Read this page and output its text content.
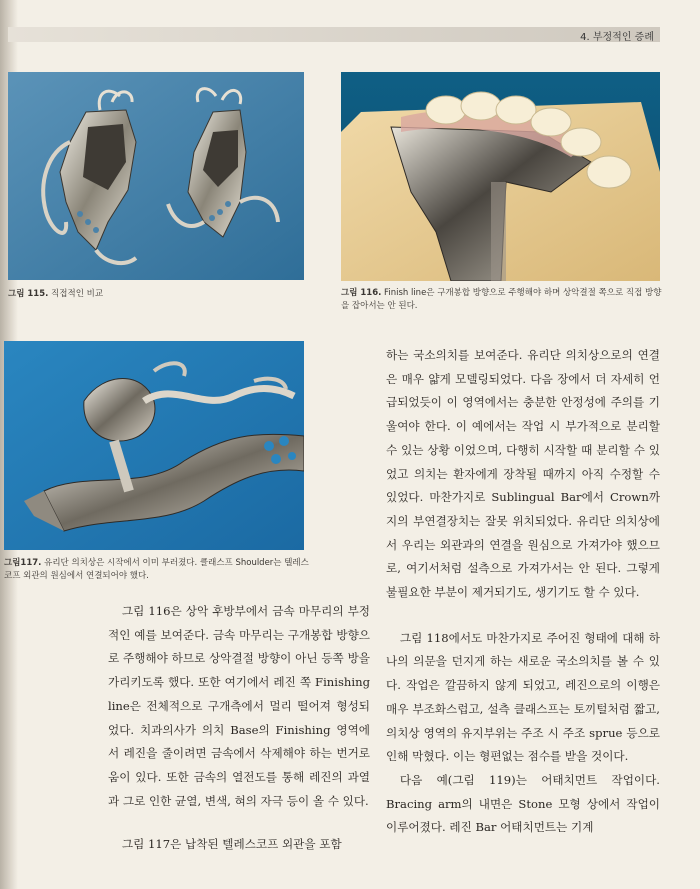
4. 부정적인 증례
그림 115. 직접적인 비교	그림 116. Finish line은 구개봉합 방향으로 주행해야 하며 상악결절 쪽으로 직접 방향을 잡아서는 안 된다.
그림117. 유리단 의치상은 시작에서 이미 부러졌다. 클래스프 Shoulder는 텔레스코프 외관의 원심에서 연결되어야 했다.

하는 국소의치를 보여준다. 유리단 의치상으로의 연결은 매우 얇게 모델링되었다. 다음 장에서 더 자세히 언급되었듯이 이 영역에서는 충분한 안정성에 주의를 기울여야 한다. 이 예에서는 작업 시 부가적으로 분리할 수 있는 상황 이었으며, 다행히 시작할 때 분리할 수 있었고 의치는 환자에게 장착될 때까지 아직 수정할 수 있었다. 마찬가지로 Sublingual Bar에서 Crown까지의 부연결장치는 잘못 위치되었다. 유리단 의치상에서 우리는 외관과의 연결을 원심으로 가져가야 했으므로, 여기서처럼 설측으로 가져가서는 안 된다. 그렇게 불필요한 부분이 제거되기도, 생기기도 할 수 있다.

그림 118에서도 마찬가지로 주어진 형태에 대해 하나의 의문을 던지게 하는 새로운 국소의치를 볼 수 있다. 작업은 깔끔하지 않게 되었고, 레진으로의 이행은 매우 부조화스럽고, 설측 클래스프는 토끼털처럼 짧고, 의치상 영역의 유지부위는 주조 시 주조 sprue 등으로 인해 막혔다. 이는 형편없는 점수를 받을 것이다.

다음 예(그림 119)는 어태치먼트 작업이다. Bracing arm의 내면은 Stone 모형 상에서 작업이 이루어졌다. 레진 Bar 어태치먼트는 기계

그림 116은 상악 후방부에서 금속 마무리의 부정적인 예를 보여준다. 금속 마무리는 구개봉합 방향으로 주행해야 하므로 상악결절 방향이 아닌 등쪽 방을 가리키도록 했다. 또한 여기에서 레진 쪽 Finishing line은 전체적으로 구개측에서 멀리 떨어져 형성되었다. 치과의사가 의치 Base의 Finishing 영역에서 레진을 줄이려면 금속에서 삭제해야 하는 번거로움이 있다. 또한 금속의 열전도를 통해 레진의 과열과 그로 인한 균열, 변색, 혀의 자극 등이 올 수 있다.

그림 117은 납착된 텔레스코프 외관을 포함
